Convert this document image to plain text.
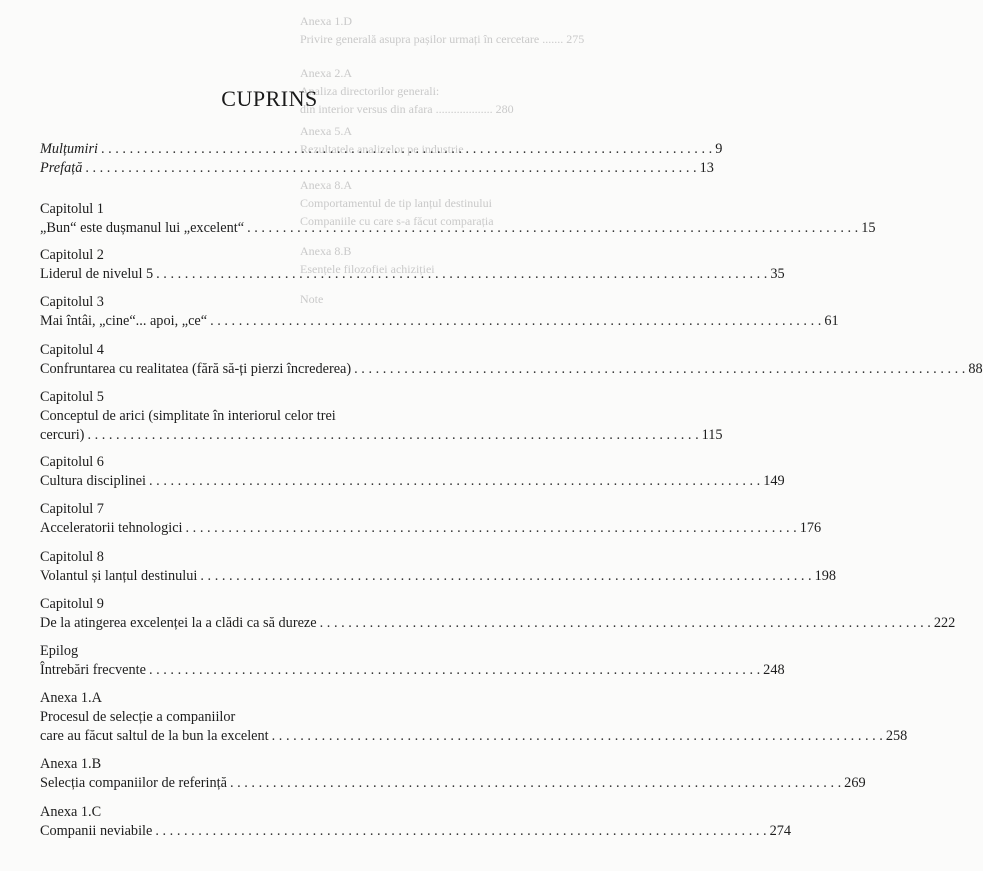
Anexa 1.D
Privire generală asupra pașilor urmați în cercetare ....... 275
Anexa 2.A
Analiza directorilor generali:
din interior versus din afara ................... 280
Anexa 5.A
Rezultatele analizelor pe industrie
Anexa 8.A
Comportamentul de tip lanțul destinului
Companiile cu care s-a făcut comparația
Anexa 8.B
Esențele filozofiei achiziției
Note
CUPRINS
Mulțumiri . . .	9
Prefață . . .	13
Capitolul 1
„Bun“ este dușmanul lui „excelent“ . . .	15
Capitolul 2
Liderul de nivelul 5 . . .	35
Capitolul 3
Mai întâi, „cine“... apoi, „ce“ . . .	61
Capitolul 4
Confruntarea cu realitatea (fără să-ți pierzi încrederea) . . .	88
Capitolul 5
Conceptul de arici (simplitate în interiorul celor trei
cercuri) . . .	115
Capitolul 6
Cultura disciplinei . . .	149
Capitolul 7
Acceleratorii tehnologici . . .	176
Capitolul 8
Volantul și lanțul destinului . . .	198
Capitolul 9
De la atingerea excelenței la a clădi ca să dureze . . .	222
Epilog
Întrebări frecvente . . .	248
Anexa 1.A
Procesul de selecție a companiilor
care au făcut saltul de la bun la excelent . . .	258
Anexa 1.B
Selecția companiilor de referință . . .	269
Anexa 1.C
Companii neviabile . . .	274
